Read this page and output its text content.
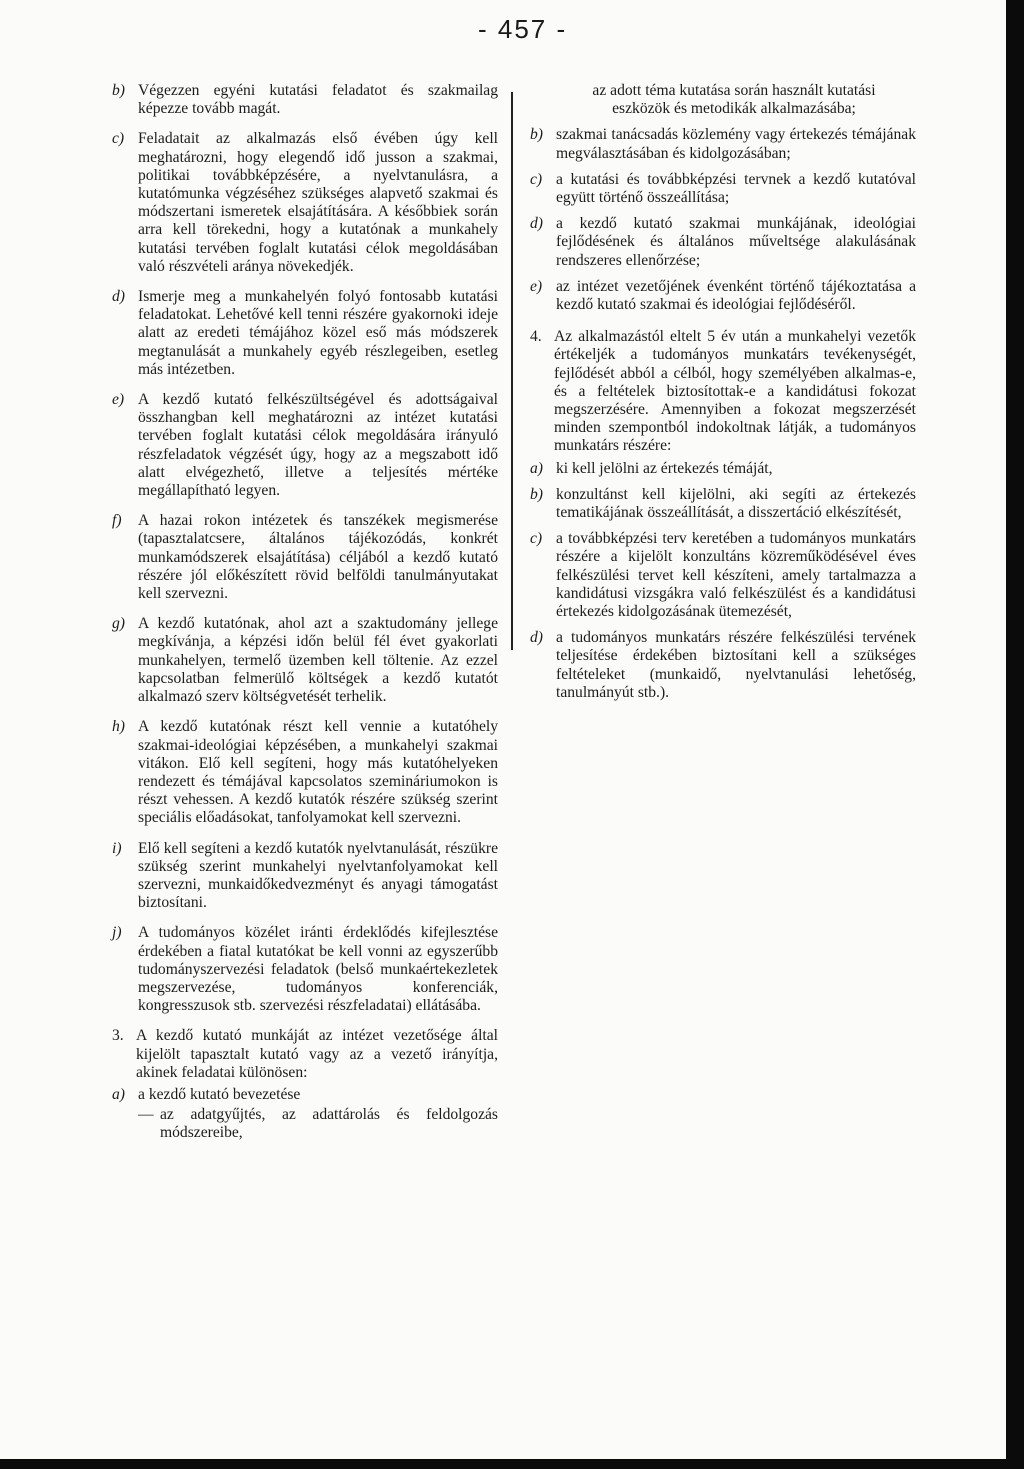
- 457 -
b) Végezzen egyéni kutatási feladatot és szakmailag képezze tovább magát.
c) Feladatait az alkalmazás első évében úgy kell meghatározni, hogy elegendő idő jusson a szakmai, politikai továbbképzésére, a nyelvtanulásra, a kutatómunka végzéséhez szükséges alapvető szakmai és módszertani ismeretek elsajátítására. A későbbiek során arra kell törekedni, hogy a kutatónak a munkahely kutatási tervében foglalt kutatási célok megoldásában való részvételi aránya növekedjék.
d) Ismerje meg a munkahelyén folyó fontosabb kutatási feladatokat. Lehetővé kell tenni részére gyakornoki ideje alatt az eredeti témájához közel eső más módszerek megtanulását a munkahely egyéb részlegeiben, esetleg más intézetben.
e) A kezdő kutató felkészültségével és adottságaival összhangban kell meghatározni az intézet kutatási tervében foglalt kutatási célok megoldására irányuló részfeladatok végzését úgy, hogy az a megszabott idő alatt elvégezhető, illetve a teljesítés mértéke megállapítható legyen.
f) A hazai rokon intézetek és tanszékek megismerése (tapasztalatcsere, általános tájékozódás, konkrét munkamódszerek elsajátítása) céljából a kezdő kutató részére jól előkészített rövid belföldi tanulmányutakat kell szervezni.
g) A kezdő kutatónak, ahol azt a szaktudomány jellege megkívánja, a képzési időn belül fél évet gyakorlati munkahelyen, termelő üzemben kell töltenie. Az ezzel kapcsolatban felmerülő költségek a kezdő kutatót alkalmazó szerv költségvetését terhelik.
h) A kezdő kutatónak részt kell vennie a kutatóhely szakmai-ideológiai képzésében, a munkahelyi szakmai vitákon. Elő kell segíteni, hogy más kutatóhelyeken rendezett és témájával kapcsolatos szemináriumokon is részt vehessen. A kezdő kutatók részére szükség szerint speciális előadásokat, tanfolyamokat kell szervezni.
i) Elő kell segíteni a kezdő kutatók nyelvtanulását, részükre szükség szerint munkahelyi nyelvtanfolyamokat kell szervezni, munkaidőkedvezményt és anyagi támogatást biztosítani.
j) A tudományos közélet iránti érdeklődés kifejlesztése érdekében a fiatal kutatókat be kell vonni az egyszerűbb tudományszervezési feladatok (belső munkaértekezletek megszervezése, tudományos konferenciák, kongresszusok stb. szervezési részfeladatai) ellátásába.
3. A kezdő kutató munkáját az intézet vezetősége által kijelölt tapasztalt kutató vagy az a vezető irányítja, akinek feladatai különösen:
a) a kezdő kutató bevezetése
— az adatgyűjtés, az adattárolás és feldolgozás módszereibe,
az adott téma kutatása során használt kutatási eszközök és metodikák alkalmazásába;
b) szakmai tanácsadás közlemény vagy értekezés témájának megválasztásában és kidolgozásában;
c) a kutatási és továbbképzési tervnek a kezdő kutatóval együtt történő összeállítása;
d) a kezdő kutató szakmai munkájának, ideológiai fejlődésének és általános műveltsége alakulásának rendszeres ellenőrzése;
e) az intézet vezetőjének évenként történő tájékoztatása a kezdő kutató szakmai és ideológiai fejlődéséről.
4. Az alkalmazástól eltelt 5 év után a munkahelyi vezetők értékeljék a tudományos munkatárs tevékenységét, fejlődését abból a célból, hogy személyében alkalmas-e, és a feltételek biztosítottak-e a kandidátusi fokozat megszerzésére. Amennyiben a fokozat megszerzését minden szempontból indokoltnak látják, a tudományos munkatárs részére:
a) ki kell jelölni az értekezés témáját,
b) konzultánst kell kijelölni, aki segíti az értekezés tematikájának összeállítását, a disszertáció elkészítését,
c) a továbbképzési terv keretében a tudományos munkatárs részére a kijelölt konzultáns közreműködésével éves felkészülési tervet kell készíteni, amely tartalmazza a kandidátusi vizsgákra való felkészülést és a kandidátusi értekezés kidolgozásának ütemezését,
d) a tudományos munkatárs részére felkészülési tervének teljesítése érdekében biztosítani kell a szükséges feltételeket (munkaidő, nyelvtanulási lehetőség, tanulmányút stb.).
